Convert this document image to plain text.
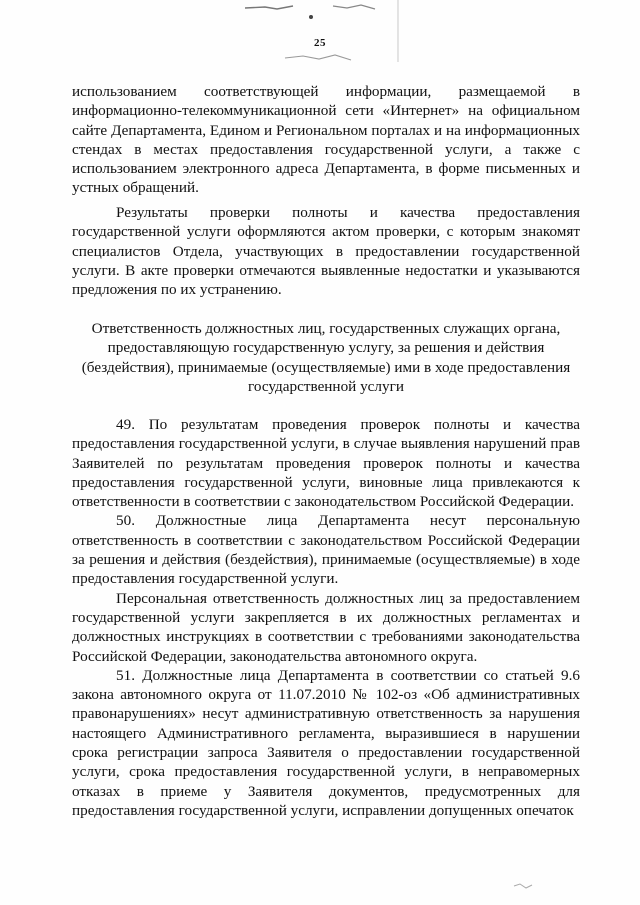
25

использованием соответствующей информации, размещаемой в информационно-телекоммуникационной сети «Интернет» на официальном сайте Департамента, Едином и Региональном порталах и на информационных стендах в местах предоставления государственной услуги, а также с использованием электронного адреса Департамента, в форме письменных и устных обращений.

Результаты проверки полноты и качества предоставления государственной услуги оформляются актом проверки, с которым знакомят специалистов Отдела, участвующих в предоставлении государственной услуги. В акте проверки отмечаются выявленные недостатки и указываются предложения по их устранению.

Ответственность должностных лиц, государственных служащих органа, предоставляющую государственную услугу, за решения и действия (бездействия), принимаемые (осуществляемые) ими в ходе предоставления государственной услуги

49. По результатам проведения проверок полноты и качества предоставления государственной услуги, в случае выявления нарушений прав Заявителей по результатам проведения проверок полноты и качества предоставления государственной услуги, виновные лица привлекаются к ответственности в соответствии с законодательством Российской Федерации.

50. Должностные лица Департамента несут персональную ответственность в соответствии с законодательством Российской Федерации за решения и действия (бездействия), принимаемые (осуществляемые) в ходе предоставления государственной услуги.

Персональная ответственность должностных лиц за предоставлением государственной услуги закрепляется в их должностных регламентах и должностных инструкциях в соответствии с требованиями законодательства Российской Федерации, законодательства автономного округа.

51. Должностные лица Департамента в соответствии со статьей 9.6 закона автономного округа от 11.07.2010 № 102-оз «Об административных правонарушениях» несут административную ответственность за нарушения настоящего Административного регламента, выразившиеся в нарушении срока регистрации запроса Заявителя о предоставлении государственной услуги, срока предоставления государственной услуги, в неправомерных отказах в приеме у Заявителя документов, предусмотренных для предоставления государственной услуги, исправлении допущенных опечаток
